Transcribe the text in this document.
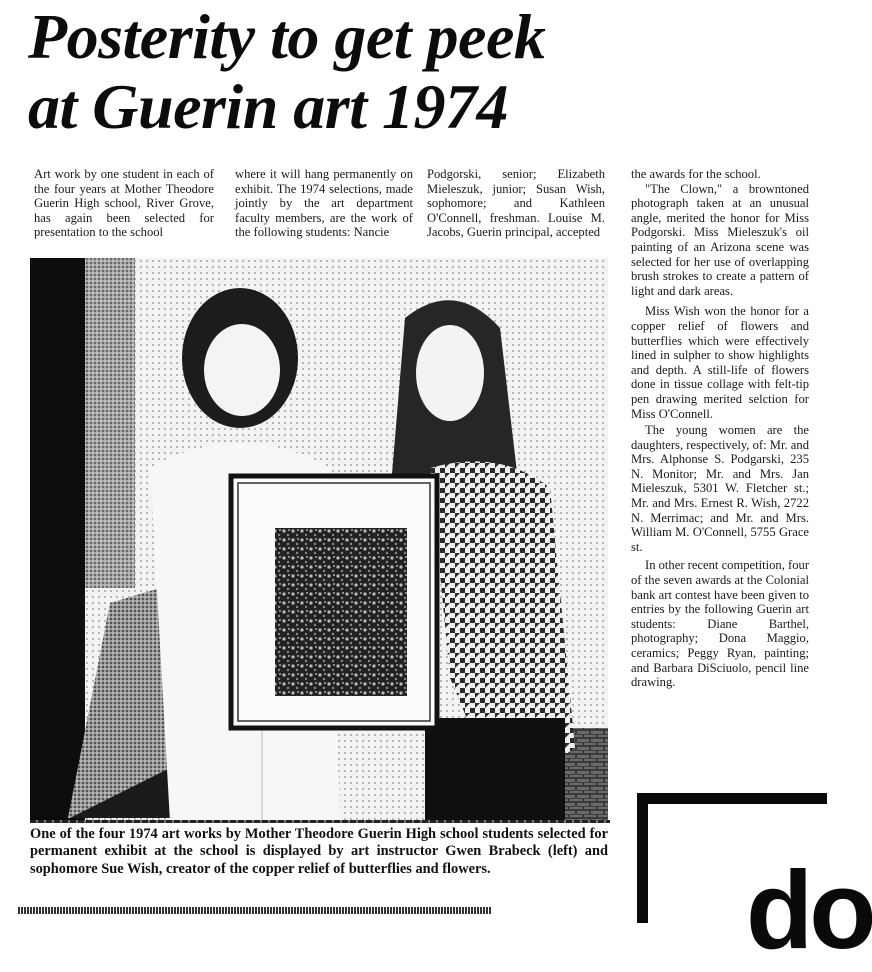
Posterity to get peek
at Guerin art 1974

Art work by one student in each of the four years at Mother Theodore Guerin High school, River Grove, has again been selected for presentation to the school

where it will hang permanently on exhibit. The 1974 selections, made jointly by the art department faculty members, are the work of the following students: Nancie

Podgorski, senior; Elizabeth Mieleszuk, junior; Susan Wish, sophomore; and Kathleen O'Connell, freshman. Louise M. Jacobs, Guerin principal, accepted

the awards for the school.

"The Clown," a browntoned photograph taken at an unusual angle, merited the honor for Miss Podgorski. Miss Mieleszuk's oil painting of an Arizona scene was selected for her use of overlapping brush strokes to create a pattern of light and dark areas.

Miss Wish won the honor for a copper relief of flowers and butterflies which were effectively lined in sulpher to show highlights and depth. A still-life of flowers done in tissue collage with felt-tip pen drawing merited selction for Miss O'Connell.

The young women are the daughters, respectively, of: Mr. and Mrs. Alphonse S. Podgarski, 235 N. Monitor; Mr. and Mrs. Jan Mieleszuk, 5301 W. Fletcher st.; Mr. and Mrs. Ernest R. Wish, 2722 N. Merrimac; and Mr. and Mrs. William M. O'Connell, 5755 Grace st.

In other recent competition, four of the seven awards at the Colonial bank art contest have been given to entries by the following Guerin art students: Diane Barthel, photography; Dona Maggio, ceramics; Peggy Ryan, painting; and Barbara DiSciuolo, pencil line drawing.

One of the four 1974 art works by Mother Theodore Guerin High school students selected for permanent exhibit at the school is displayed by art instructor Gwen Brabeck (left) and sophomore Sue Wish, creator of the copper relief of butterflies and flowers.	do
